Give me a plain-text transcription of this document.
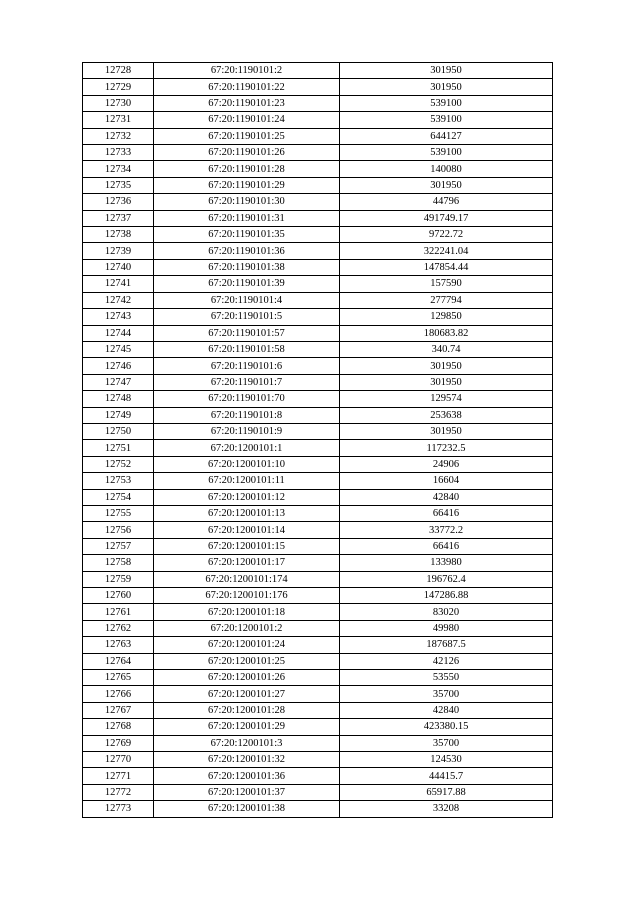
12728	67:20:1190101:2	301950
12729	67:20:1190101:22	301950
12730	67:20:1190101:23	539100
12731	67:20:1190101:24	539100
12732	67:20:1190101:25	644127
12733	67:20:1190101:26	539100
12734	67:20:1190101:28	140080
12735	67:20:1190101:29	301950
12736	67:20:1190101:30	44796
12737	67:20:1190101:31	491749.17
12738	67:20:1190101:35	9722.72
12739	67:20:1190101:36	322241.04
12740	67:20:1190101:38	147854.44
12741	67:20:1190101:39	157590
12742	67:20:1190101:4	277794
12743	67:20:1190101:5	129850
12744	67:20:1190101:57	180683.82
12745	67:20:1190101:58	340.74
12746	67:20:1190101:6	301950
12747	67:20:1190101:7	301950
12748	67:20:1190101:70	129574
12749	67:20:1190101:8	253638
12750	67:20:1190101:9	301950
12751	67:20:1200101:1	117232.5
12752	67:20:1200101:10	24906
12753	67:20:1200101:11	16604
12754	67:20:1200101:12	42840
12755	67:20:1200101:13	66416
12756	67:20:1200101:14	33772.2
12757	67:20:1200101:15	66416
12758	67:20:1200101:17	133980
12759	67:20:1200101:174	196762.4
12760	67:20:1200101:176	147286.88
12761	67:20:1200101:18	83020
12762	67:20:1200101:2	49980
12763	67:20:1200101:24	187687.5
12764	67:20:1200101:25	42126
12765	67:20:1200101:26	53550
12766	67:20:1200101:27	35700
12767	67:20:1200101:28	42840
12768	67:20:1200101:29	423380.15
12769	67:20:1200101:3	35700
12770	67:20:1200101:32	124530
12771	67:20:1200101:36	44415.7
12772	67:20:1200101:37	65917.88
12773	67:20:1200101:38	33208
